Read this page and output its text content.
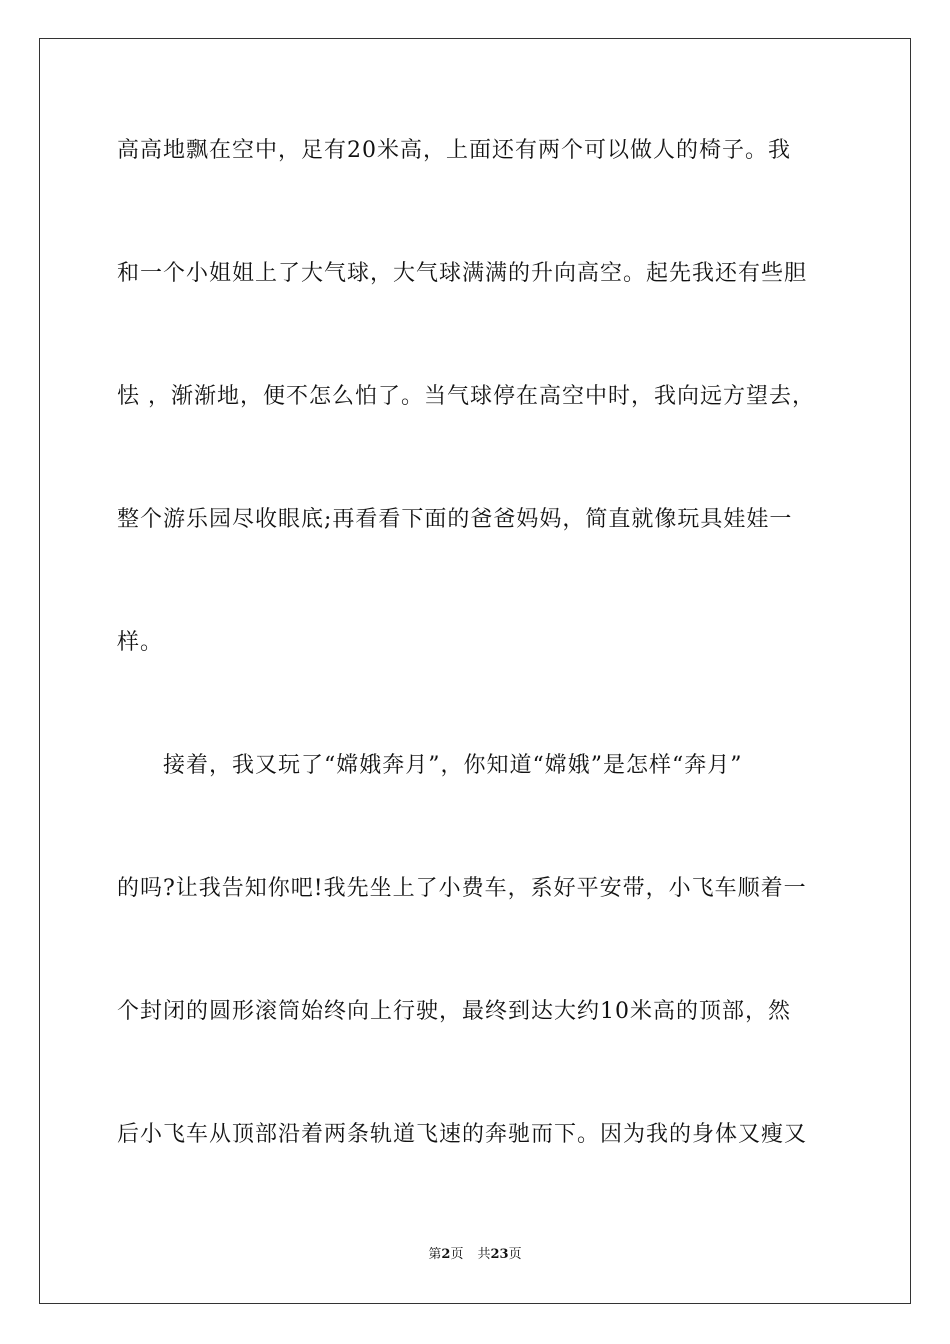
高高地飘在空中，足有20米高，上面还有两个可以做人的椅子。我
和一个小姐姐上了大气球，大气球满满的升向高空。起先我还有些胆
怯 ，渐渐地，便不怎么怕了。当气球停在高空中时，我向远方望去，
整个游乐园尽收眼底;再看看下面的爸爸妈妈，简直就像玩具娃娃一
样。
接着，我又玩了“嫦娥奔月”，你知道“嫦娥”是怎样“奔月”
的吗?让我告知你吧!我先坐上了小费车，系好平安带，小飞车顺着一
个封闭的圆形滚筒始终向上行驶，最终到达大约10米高的顶部，然
后小飞车从顶部沿着两条轨道飞速的奔驰而下。因为我的身体又瘦又
第2页 共23页
